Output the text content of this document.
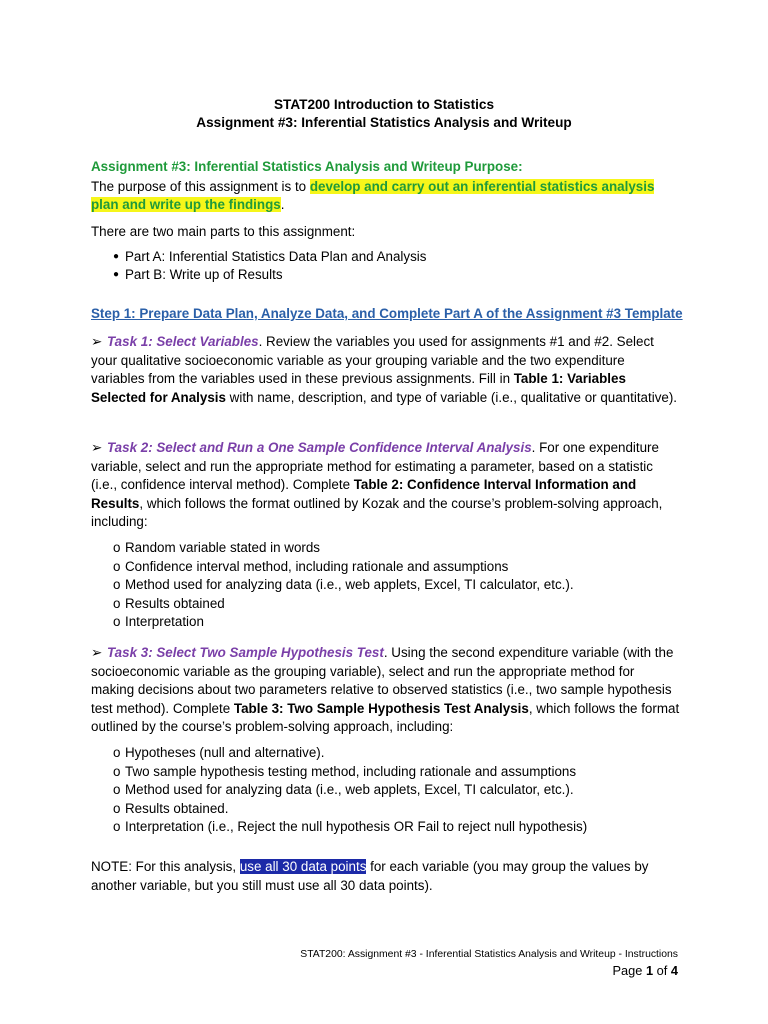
STAT200 Introduction to Statistics
Assignment #3: Inferential Statistics Analysis and Writeup
Assignment #3: Inferential Statistics Analysis and Writeup Purpose:
The purpose of this assignment is to develop and carry out an inferential statistics analysis plan and write up the findings.
There are two main parts to this assignment:
● Part A: Inferential Statistics Data Plan and Analysis
● Part B: Write up of Results
Step 1: Prepare Data Plan, Analyze Data, and Complete Part A of the Assignment #3 Template
➢ Task 1: Select Variables. Review the variables you used for assignments #1 and #2. Select your qualitative socioeconomic variable as your grouping variable and the two expenditure variables from the variables used in these previous assignments. Fill in Table 1: Variables Selected for Analysis with name, description, and type of variable (i.e., qualitative or quantitative).
➢ Task 2: Select and Run a One Sample Confidence Interval Analysis. For one expenditure variable, select and run the appropriate method for estimating a parameter, based on a statistic (i.e., confidence interval method). Complete Table 2: Confidence Interval Information and Results, which follows the format outlined by Kozak and the course’s problem-solving approach, including:
o Random variable stated in words
o Confidence interval method, including rationale and assumptions
o Method used for analyzing data (i.e., web applets, Excel, TI calculator, etc.).
o Results obtained
o Interpretation
➢ Task 3: Select Two Sample Hypothesis Test. Using the second expenditure variable (with the socioeconomic variable as the grouping variable), select and run the appropriate method for making decisions about two parameters relative to observed statistics (i.e., two sample hypothesis test method). Complete Table 3: Two Sample Hypothesis Test Analysis, which follows the format outlined by the course’s problem-solving approach, including:
o Hypotheses (null and alternative).
o Two sample hypothesis testing method, including rationale and assumptions
o Method used for analyzing data (i.e., web applets, Excel, TI calculator, etc.).
o Results obtained.
o Interpretation (i.e., Reject the null hypothesis OR Fail to reject null hypothesis)
NOTE: For this analysis, use all 30 data points for each variable (you may group the values by another variable, but you still must use all 30 data points).
STAT200: Assignment #3 - Inferential Statistics Analysis and Writeup - Instructions
Page 1 of 4
